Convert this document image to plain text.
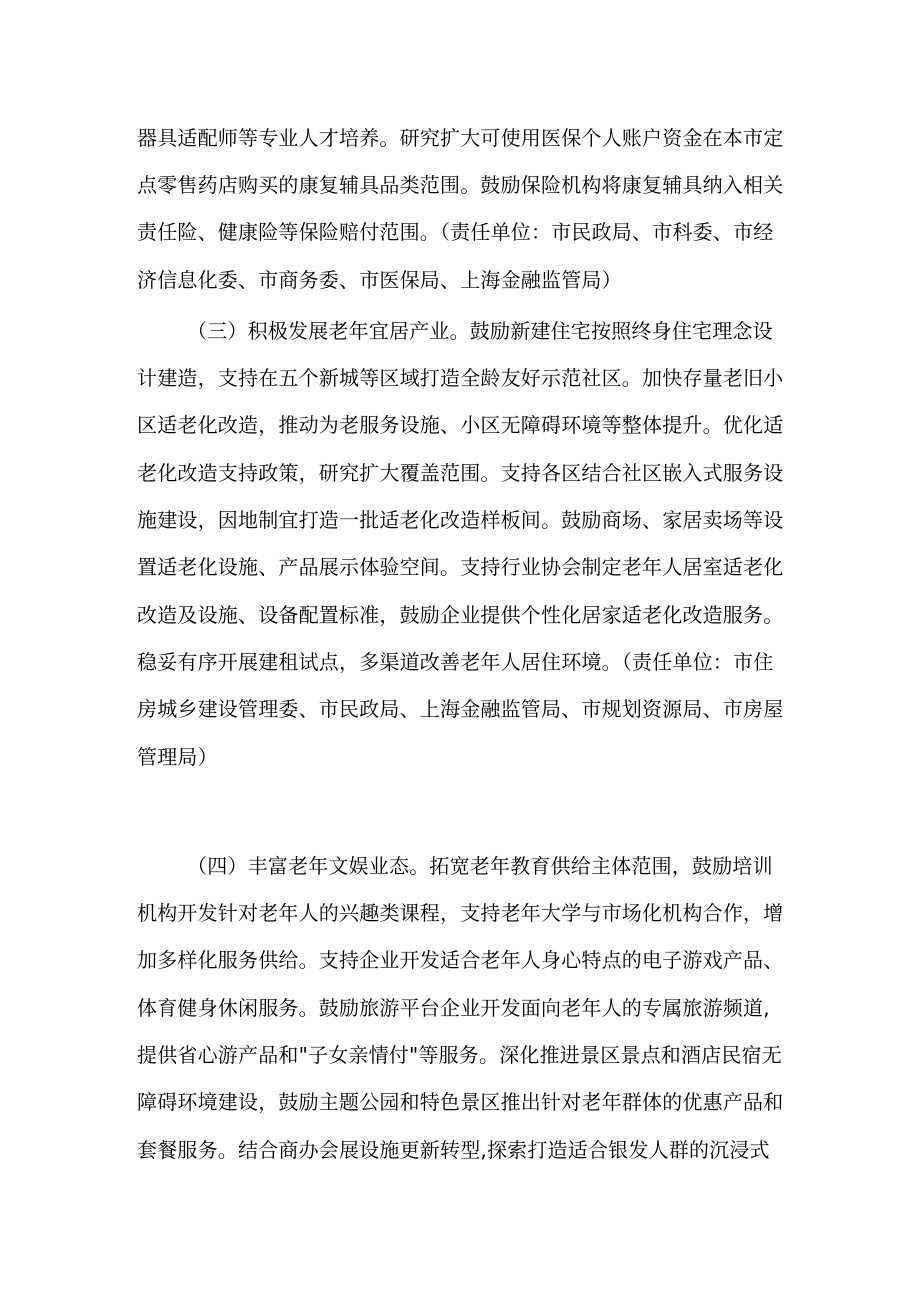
器具适配师等专业人才培养。研究扩大可使用医保个人账户资金在本市定
点零售药店购买的康复辅具品类范围。鼓励保险机构将康复辅具纳入相关
责任险、健康险等保险赔付范围。（责任单位：市民政局、市科委、市经
济信息化委、市商务委、市医保局、上海金融监管局）
（三）积极发展老年宜居产业。鼓励新建住宅按照终身住宅理念设
计建造，支持在五个新城等区域打造全龄友好示范社区。加快存量老旧小
区适老化改造，推动为老服务设施、小区无障碍环境等整体提升。优化适
老化改造支持政策，研究扩大覆盖范围。支持各区结合社区嵌入式服务设
施建设，因地制宜打造一批适老化改造样板间。鼓励商场、家居卖场等设
置适老化设施、产品展示体验空间。支持行业协会制定老年人居室适老化
改造及设施、设备配置标准，鼓励企业提供个性化居家适老化改造服务。
稳妥有序开展建租试点，多渠道改善老年人居住环境。（责任单位：市住
房城乡建设管理委、市民政局、上海金融监管局、市规划资源局、市房屋
管理局）
（四）丰富老年文娱业态。拓宽老年教育供给主体范围，鼓励培训
机构开发针对老年人的兴趣类课程，支持老年大学与市场化机构合作，增
加多样化服务供给。支持企业开发适合老年人身心特点的电子游戏产品、
体育健身休闲服务。鼓励旅游平台企业开发面向老年人的专属旅游频道,
提供省心游产品和"子女亲情付"等服务。深化推进景区景点和酒店民宿无
障碍环境建设，鼓励主题公园和特色景区推出针对老年群体的优惠产品和
套餐服务。结合商办会展设施更新转型,探索打造适合银发人群的沉浸式
